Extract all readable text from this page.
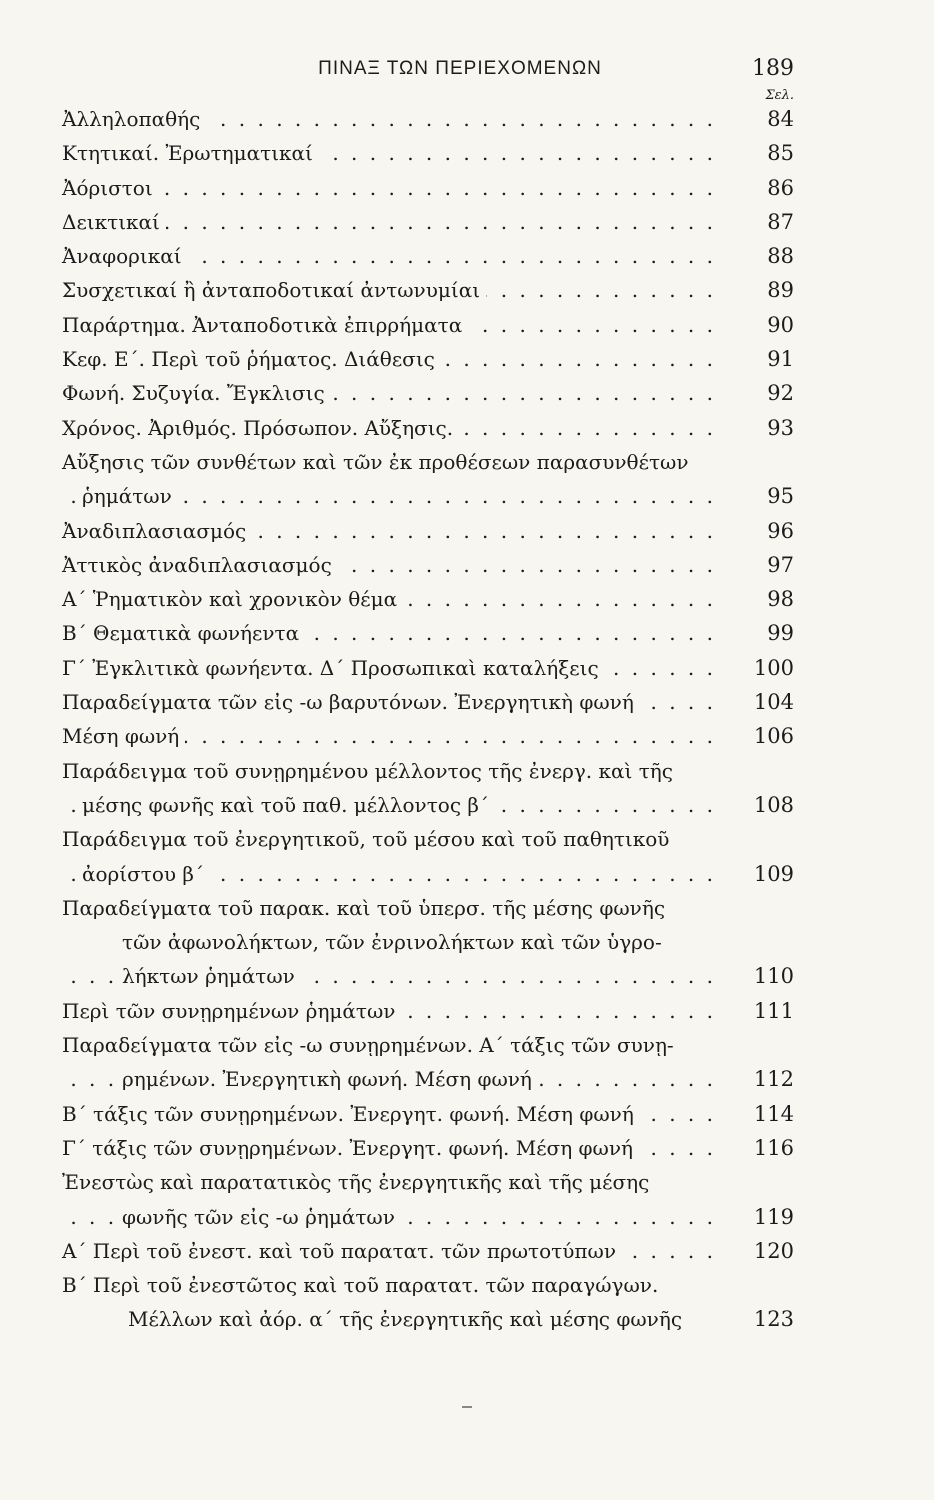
ΠΙΝΑΞ ΤΩΝ ΠΕΡΙΕΧΟΜΕΝΩΝ	189
Σελ.
. . .
Ἀλληλοπαθής	84
. . .
Κτητικαί. Ἐρωτηματικαί	85
. . .
Ἀόριστοι	86
. . .
Δεικτικαί	87
. . .
Ἀναφορικαί	88
. . .
Συσχετικαί ἢ ἀνταποδοτικαί ἀντωνυμίαι	89
. . .
Παράρτημα. Ἀνταποδοτικὰ ἐπιρρήματα	90
. . .
Κεφ. Ε΄. Περὶ τοῦ ῥήματος. Διάθεσις	91
. . .
Φωνή. Συζυγία. Ἔγκλισις	92
. . .
Χρόνος. Ἀριθμός. Πρόσωπον. Αὔξησις.	93
Αὔξησις τῶν συνθέτων καὶ τῶν ἐκ προθέσεων παρασυνθέτων
. . .
ῥημάτων	95
. . .
Ἀναδιπλασιασμός	96
. . .
Ἀττικὸς ἀναδιπλασιασμός	97
. . .
Α΄ Ῥηματικὸν καὶ χρονικὸν θέμα	98
. . .
Β΄ Θεματικὰ φωνήεντα	99
. . .
Γ΄ Ἐγκλιτικὰ φωνήεντα. Δ΄ Προσωπικαὶ καταλήξεις	100
. . .
Παραδείγματα τῶν εἰς -ω βαρυτόνων. Ἐνεργητικὴ φωνή	104
. . .
Μέση φωνή	106
Παράδειγμα τοῦ συνῃρημένου μέλλοντος τῆς ἐνεργ. καὶ τῆς
. . .
μέσης φωνῆς καὶ τοῦ παθ. μέλλοντος β΄	108
Παράδειγμα τοῦ ἐνεργητικοῦ, τοῦ μέσου καὶ τοῦ παθητικοῦ
. . .
ἀορίστου β΄	109
Παραδείγματα τοῦ παρακ. καὶ τοῦ ὑπερσ. τῆς μέσης φωνῆς
τῶν ἀφωνολήκτων, τῶν ἐνρινολήκτων καὶ τῶν ὑγρο-
. . .
λήκτων ῥημάτων	110
. . .
Περὶ τῶν συνῃρημένων ῥημάτων	111
Παραδείγματα τῶν εἰς -ω συνῃρημένων. Α΄ τάξις τῶν συνῃ-
. . .
ρημένων. Ἐνεργητικὴ φωνή. Μέση φωνή	112
. . .
Β΄ τάξις τῶν συνῃρημένων. Ἐνεργητ. φωνή. Μέση φωνή	114
. . .
Γ΄ τάξις τῶν συνῃρημένων. Ἐνεργητ. φωνή. Μέση φωνή	116
Ἐνεστὼς καὶ παρατατικὸς τῆς ἐνεργητικῆς καὶ τῆς μέσης
. . .
φωνῆς τῶν εἰς -ω ῥημάτων	119
. . .
Α΄ Περὶ τοῦ ἐνεστ. καὶ τοῦ παρατατ. τῶν πρωτοτύπων	120
Β΄ Περὶ τοῦ ἐνεστῶτος καὶ τοῦ παρατατ. τῶν παραγώγων.
Μέλλων καὶ ἀόρ. α΄ τῆς ἐνεργητικῆς καὶ μέσης φωνῆς	123
